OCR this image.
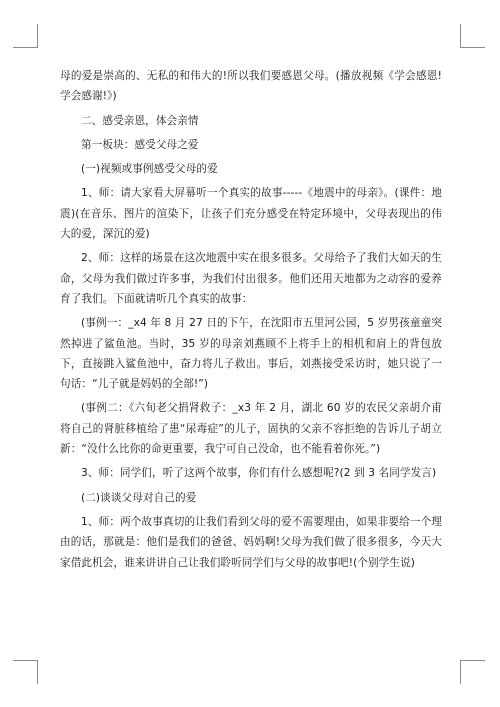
母的爱是崇高的、无私的和伟大的!所以我们要感恩父母。(播放视频《学会感恩!学会感谢!》)

二、感受亲恩，体会亲情

第一板块：感受父母之爱

(一)视频或事例感受父母的爱

1、师：请大家看大屏幕听一个真实的故事-----《地震中的母亲》。(课件：地震)(在音乐、图片的渲染下，让孩子们充分感受在特定环境中，父母表现出的伟大的爱，深沉的爱)

2、师：这样的场景在这次地震中实在很多很多。父母给予了我们大如天的生命，父母为我们做过许多事，为我们付出很多。他们还用天地都为之动容的爱养育了我们。下面就请听几个真实的故事：

(事例一：_x4 年 8 月 27 日的下午，在沈阳市五里河公园，5 岁男孩童童突然掉进了鲨鱼池。当时，35 岁的母亲刘燕顾不上将手上的相机和肩上的背包放下，直接跳入鲨鱼池中，奋力将儿子救出。事后，刘燕接受采访时，她只说了一句话：“儿子就是妈妈的全部!”)

(事例二：《六旬老父捐肾救子：_x3 年 2 月，湖北 60 岁的农民父亲胡介甫将自己的肾脏移植给了患“尿毒症”的儿子，固执的父亲不容拒绝的告诉儿子胡立新：“没什么比你的命更重要，我宁可自己没命，也不能看着你死。”)

3、师：同学们，听了这两个故事，你们有什么感想呢?(2 到 3 名同学发言)

(二)谈谈父母对自己的爱

1、师：两个故事真切的让我们看到父母的爱不需要理由，如果非要给一个理由的话，那就是：他们是我们的爸爸、妈妈啊!父母为我们做了很多很多，今天大家借此机会，谁来讲讲自己让我们聆听同学们与父母的故事吧!(个别学生说)
